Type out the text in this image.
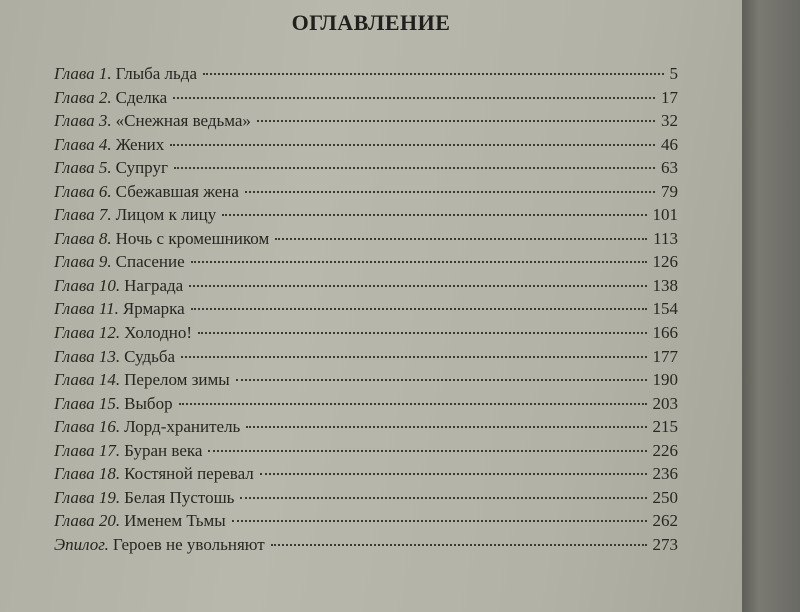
ОГЛАВЛЕНИЕ
Глава 1. Глыба льда	5
Глава 2. Сделка	17
Глава 3. «Снежная ведьма»	32
Глава 4. Жених	46
Глава 5. Супруг	63
Глава 6. Сбежавшая жена	79
Глава 7. Лицом к лицу	101
Глава 8. Ночь с кромешником	113
Глава 9. Спасение	126
Глава 10. Награда	138
Глава 11. Ярмарка	154
Глава 12. Холодно!	166
Глава 13. Судьба	177
Глава 14. Перелом зимы	190
Глава 15. Выбор	203
Глава 16. Лорд-хранитель	215
Глава 17. Буран века	226
Глава 18. Костяной перевал	236
Глава 19. Белая Пустошь	250
Глава 20. Именем Тьмы	262
Эпилог. Героев не увольняют	273
